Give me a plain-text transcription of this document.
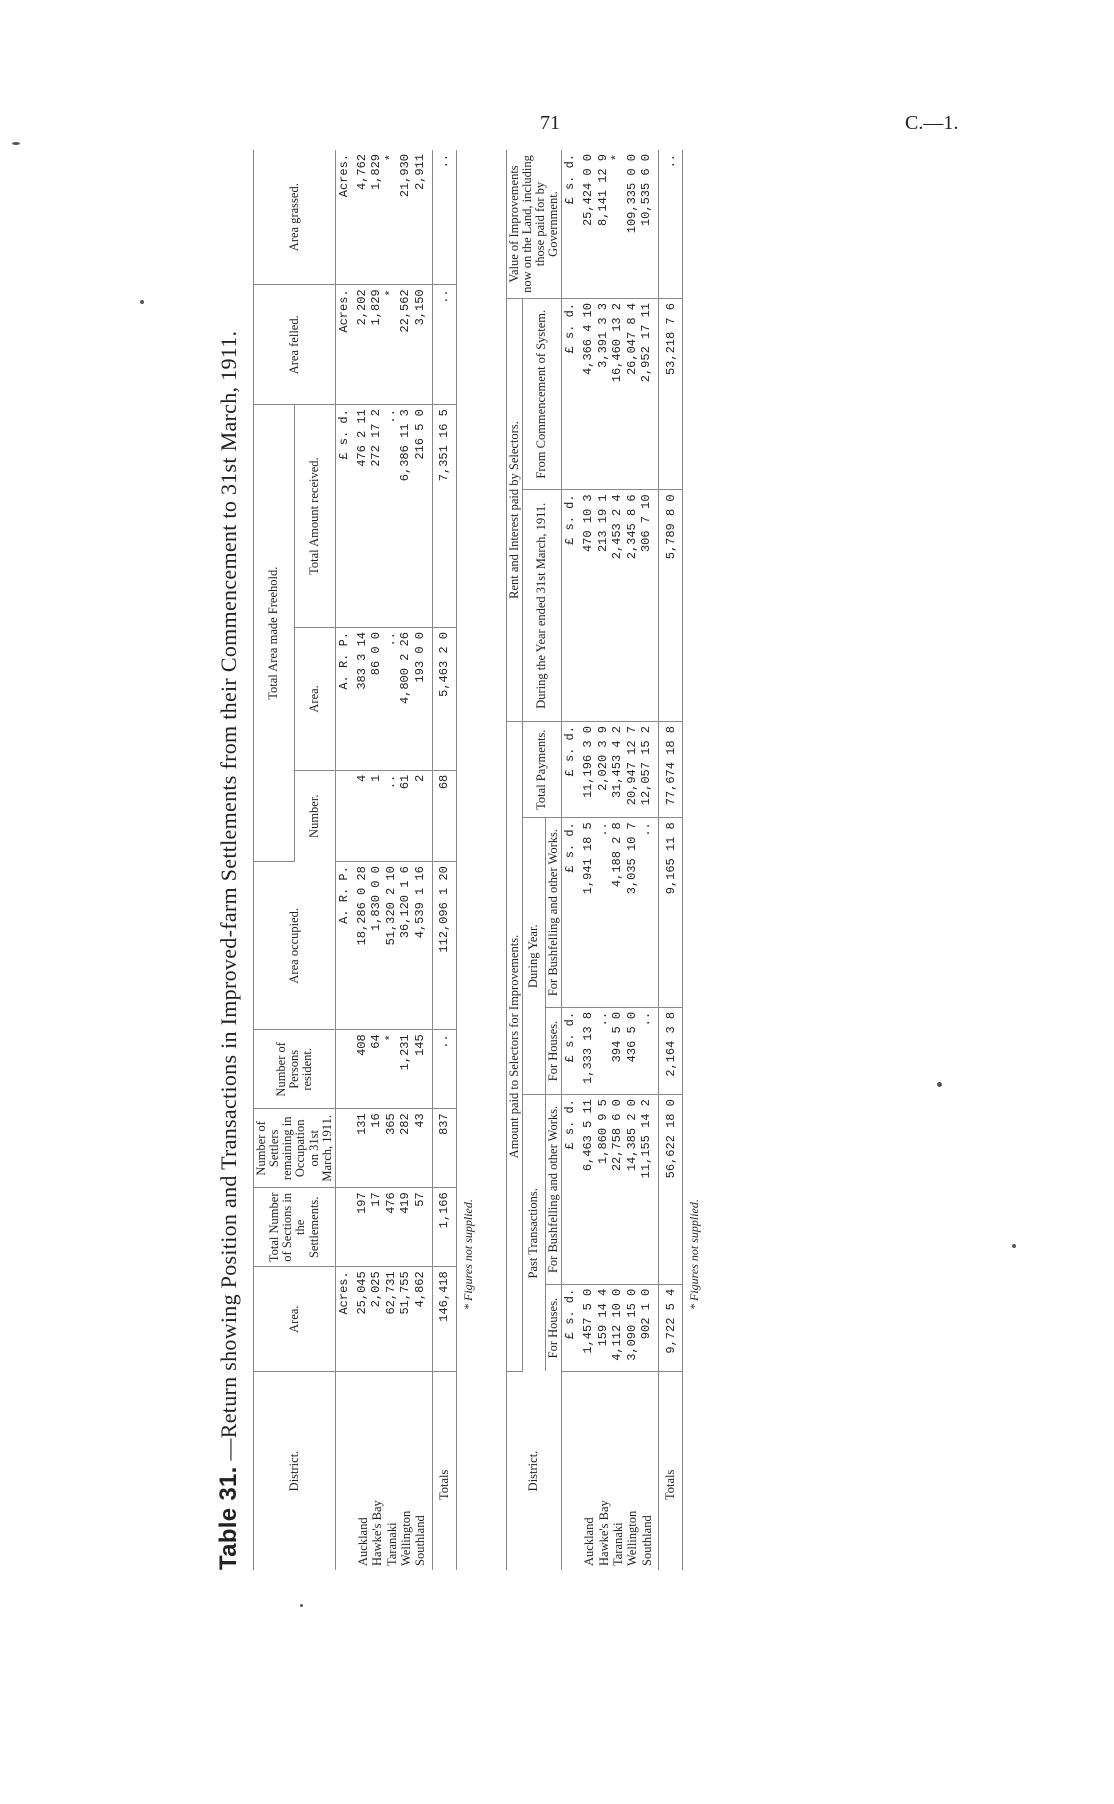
71	C.—1.
Table 31. —Return showing Position and Transactions in Improved-farm Settlements from their Commencement to 31st March, 1911.
District.	Area.	Total Number of Sections in the Settlements.	Number of Settlers remaining in Occupation on 31st March, 1911.	Number of Persons resident.	Area occupied.	Total Area made Freehold.			Area felled.	Area grassed.
						Number.	Area.	Total Amount received.		
	Acres.				A. R. P.		A. R. P.	£ s. d.	Acres.	Acres.
Auckland	25,045	197	131	408	18,286 0 28	4	383 3 14	476 2 11	2,202	4,762
Hawke's Bay	2,025	17	16	64	1,830 0 0	1	86 0 0	272 17 2	1,829	1,829
Taranaki	62,731	476	365	*	51,320 2 10	..	..	..	*	*
Wellington	51,755	419	282	1,231	36,120 1 6	61	4,800 2 26	6,386 11 3	22,562	21,930
Southland	4,862	57	43	145	4,539 1 16	2	193 0 0	216 5 0	3,150	2,911
Totals	146,418	1,166	837	..	112,096 1 20	68	5,463 2 0	7,351 16 5	..	..
* Figures not supplied.
District.	Amount paid to Selectors for Improvements.					Rent and Interest paid by Selectors.		Value of Improvements now on the Land, including those paid for by Government.
	Past Transactions.		During Year.		Total Payments.	During the Year ended 31st March, 1911.	From Commencement of System.	
	For Houses.	For Bushfelling and other Works.	For Houses.	For Bushfelling and other Works.				
	£ s. d.	£ s. d.	£ s. d.	£ s. d.	£ s. d.	£ s. d.	£ s. d.	£ s. d.
Auckland	1,457 5 0	6,463 5 11	1,333 13 8	1,941 18 5	11,196 3 0	470 10 3	4,366 4 10	25,424 0 0
Hawke's Bay	159 14 4	1,860 9 5	..	..	2,020 3 9	213 19 1	3,391 3 3	8,141 12 9
Taranaki	4,112 10 0	22,758 6 0	394 5 0	4,188 2 8	31,453 4 2	2,453 2 4	16,460 13 2	*
Wellington	3,090 15 0	14,385 2 0	436 5 0	3,035 10 7	20,947 12 7	2,345 8 6	26,047 8 4	109,335 0 0
Southland	902 1 0	11,155 14 2	..	..	12,057 15 2	306 7 10	2,952 17 11	10,535 6 0
Totals	9,722 5 4	56,622 18 0	2,164 3 8	9,165 11 8	77,674 18 8	5,789 8 0	53,218 7 6	..
* Figures not supplied.
